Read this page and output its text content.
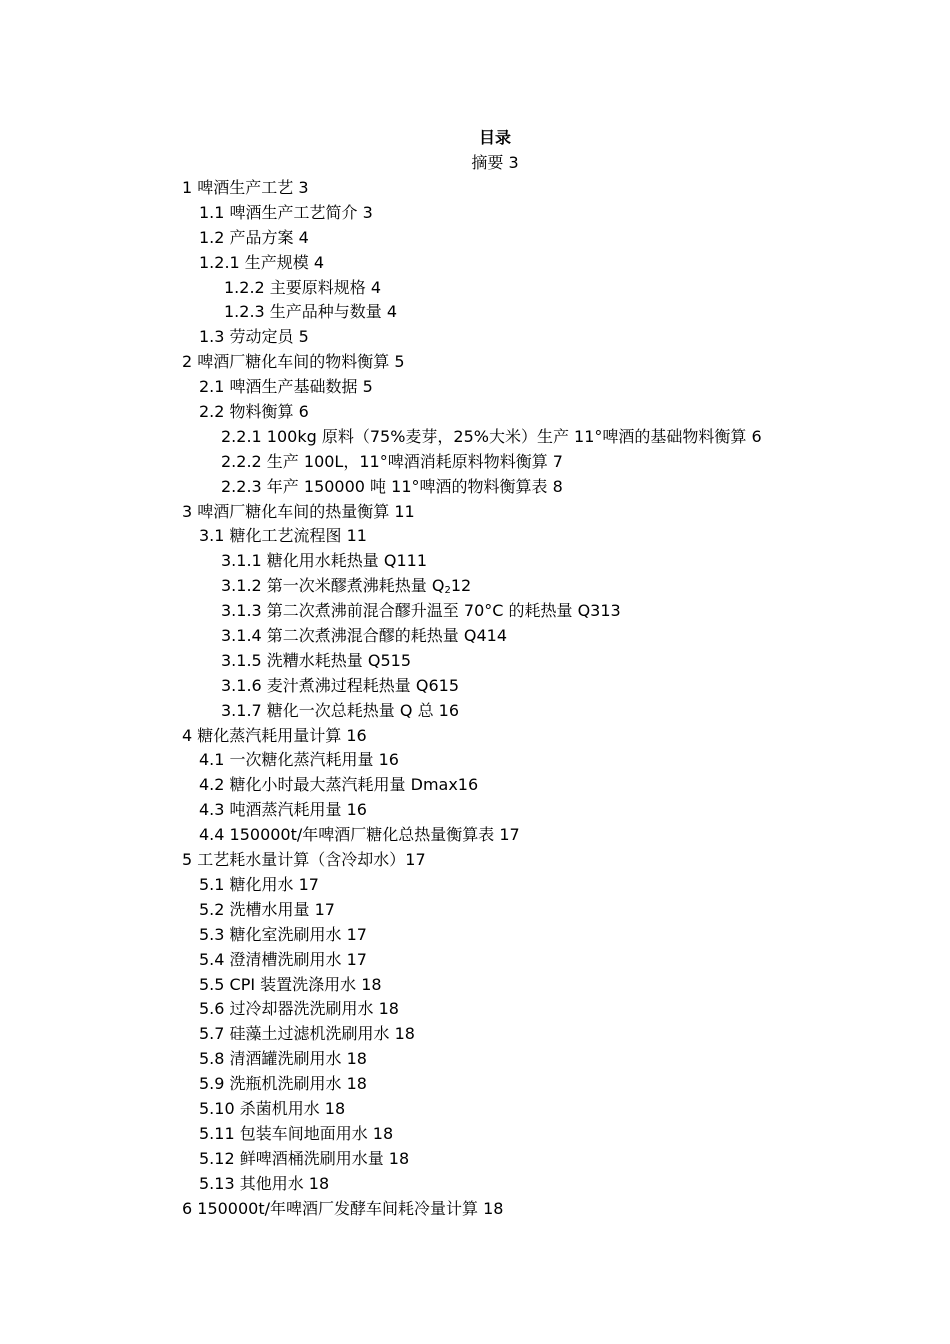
目录
摘要 3
1 啤酒生产工艺 3
1.1 啤酒生产工艺简介 3
1.2 产品方案 4
1.2.1 生产规模 4
1.2.2 主要原料规格 4
1.2.3 生产品种与数量 4
1.3 劳动定员 5
2 啤酒厂糖化车间的物料衡算 5
2.1 啤酒生产基础数据 5
2.2 物料衡算 6
2.2.1 100kg 原料（75%麦芽，25%大米）生产 11°啤酒的基础物料衡算 6
2.2.2 生产 100L，11°啤酒消耗原料物料衡算 7
2.2.3 年产 150000 吨 11°啤酒的物料衡算表 8
3 啤酒厂糖化车间的热量衡算 11
3.1 糖化工艺流程图 11
3.1.1 糖化用水耗热量 Q111
3.1.2 第一次米醪煮沸耗热量 $Q_212$
3.1.3 第二次煮沸前混合醪升温至 70°C 的耗热量 Q313
3.1.4 第二次煮沸混合醪的耗热量 Q414
3.1.5 洗糟水耗热量 Q515
3.1.6 麦汁煮沸过程耗热量 Q615
3.1.7 糖化一次总耗热量 Q 总 16
4 糖化蒸汽耗用量计算 16
4.1 一次糖化蒸汽耗用量 16
4.2 糖化小时最大蒸汽耗用量 Dmax16
4.3 吨酒蒸汽耗用量 16
4.4 150000t/年啤酒厂糖化总热量衡算表 17
5 工艺耗水量计算（含冷却水）17
5.1 糖化用水 17
5.2 洗槽水用量 17
5.3 糖化室洗刷用水 17
5.4 澄清槽洗刷用水 17
5.5 CPI 装置洗涤用水 18
5.6 过冷却器洗洗刷用水 18
5.7 硅藻土过滤机洗刷用水 18
5.8 清酒罐洗刷用水 18
5.9 洗瓶机洗刷用水 18
5.10 杀菌机用水 18
5.11 包装车间地面用水 18
5.12 鲜啤酒桶洗刷用水量 18
5.13 其他用水 18
6 150000t/年啤酒厂发酵车间耗冷量计算 18
